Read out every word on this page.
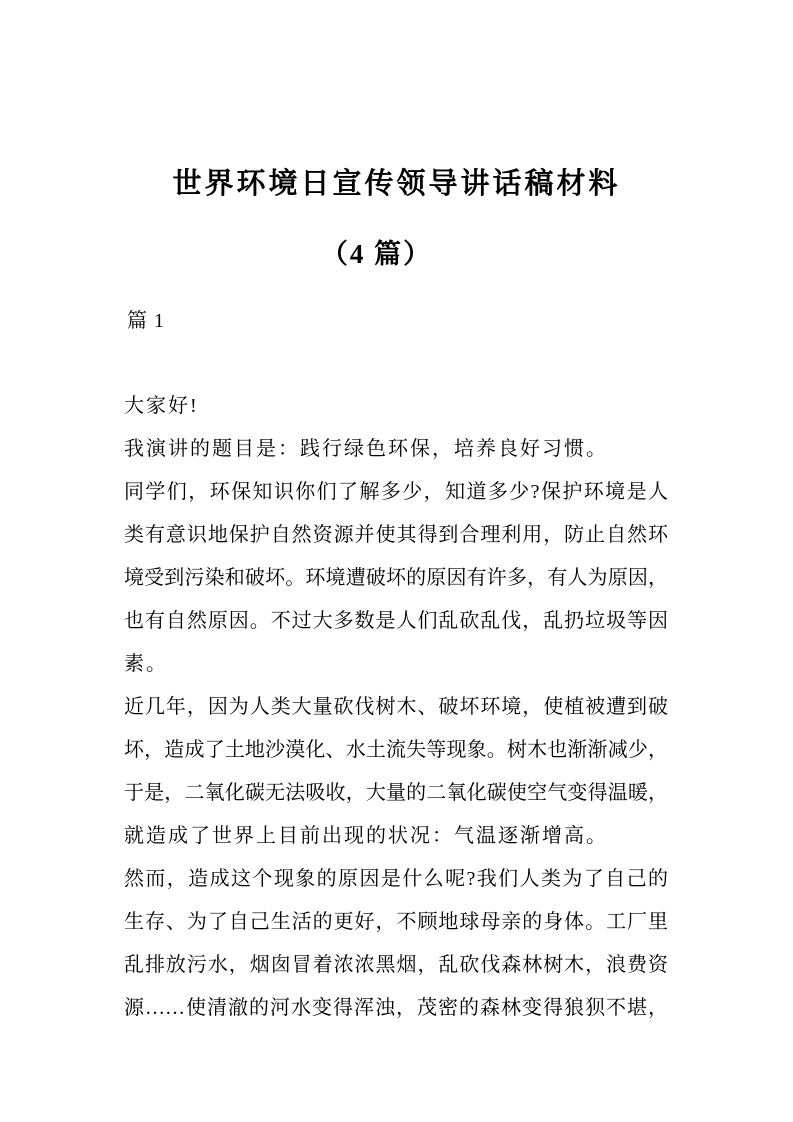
世界环境日宣传领导讲话稿材料
（4 篇）
篇 1
大家好!
我演讲的题目是：践行绿色环保，培养良好习惯。
同学们，环保知识你们了解多少，知道多少?保护环境是人
类有意识地保护自然资源并使其得到合理利用，防止自然环
境受到污染和破坏。环境遭破坏的原因有许多，有人为原因，
也有自然原因。不过大多数是人们乱砍乱伐，乱扔垃圾等因
素。
近几年，因为人类大量砍伐树木、破坏环境，使植被遭到破
坏，造成了土地沙漠化、水土流失等现象。树木也渐渐减少，
于是，二氧化碳无法吸收，大量的二氧化碳使空气变得温暖，
就造成了世界上目前出现的状况：气温逐渐增高。
然而，造成这个现象的原因是什么呢?我们人类为了自己的
生存、为了自己生活的更好，不顾地球母亲的身体。工厂里
乱排放污水，烟囱冒着浓浓黑烟，乱砍伐森林树木，浪费资
源……使清澈的河水变得浑浊，茂密的森林变得狼狈不堪，
